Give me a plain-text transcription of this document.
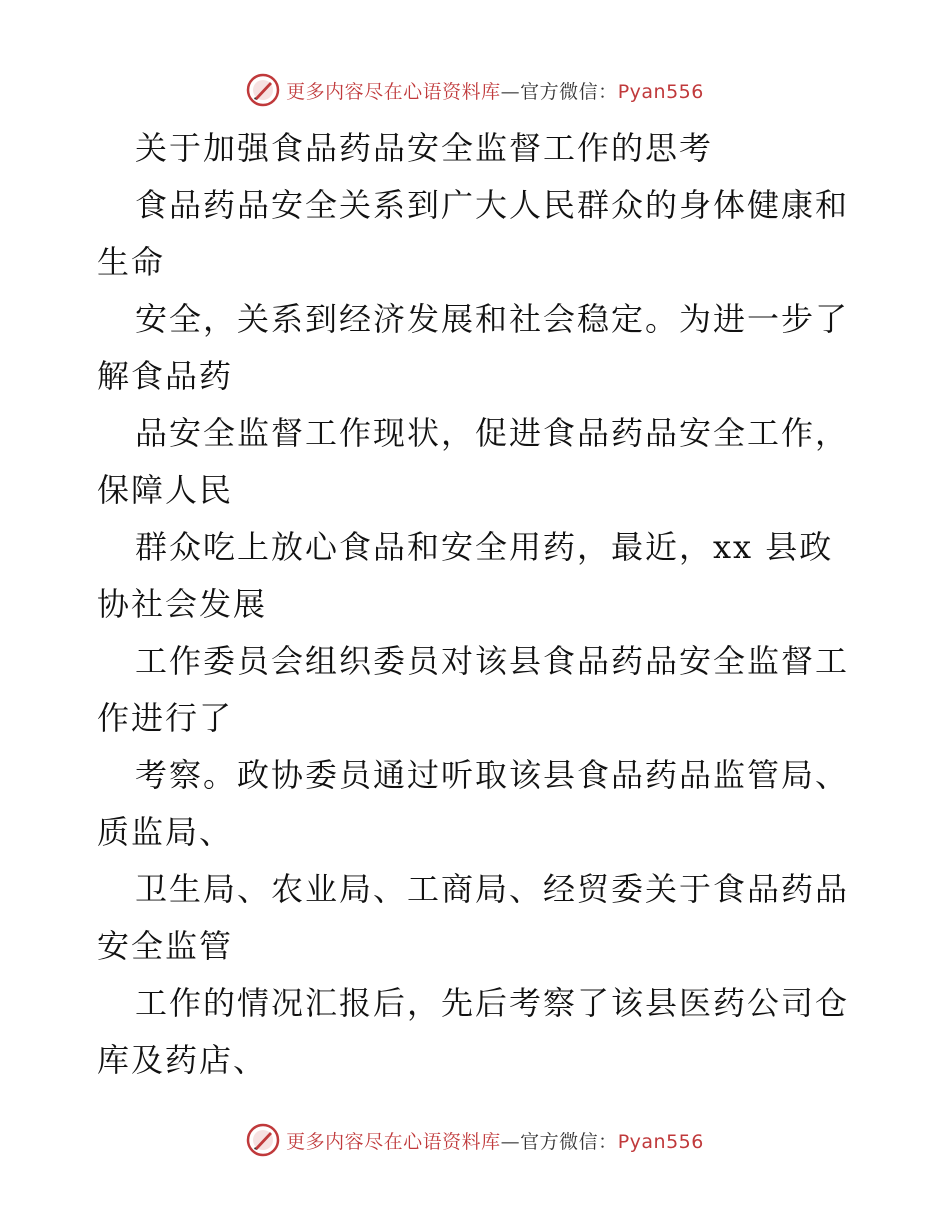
更多内容尽在心语资料库—官方微信：Pyan556
关于加强食品药品安全监督工作的思考
食品药品安全关系到广大人民群众的身体健康和
生命
安全，关系到经济发展和社会稳定。为进一步了
解食品药
品安全监督工作现状，促进食品药品安全工作，
保障人民
群众吃上放心食品和安全用药，最近，xx 县政
协社会发展
工作委员会组织委员对该县食品药品安全监督工
作进行了
考察。政协委员通过听取该县食品药品监管局、
质监局、
卫生局、农业局、工商局、经贸委关于食品药品
安全监管
工作的情况汇报后，先后考察了该县医药公司仓
库及药店、
更多内容尽在心语资料库—官方微信：Pyan556
